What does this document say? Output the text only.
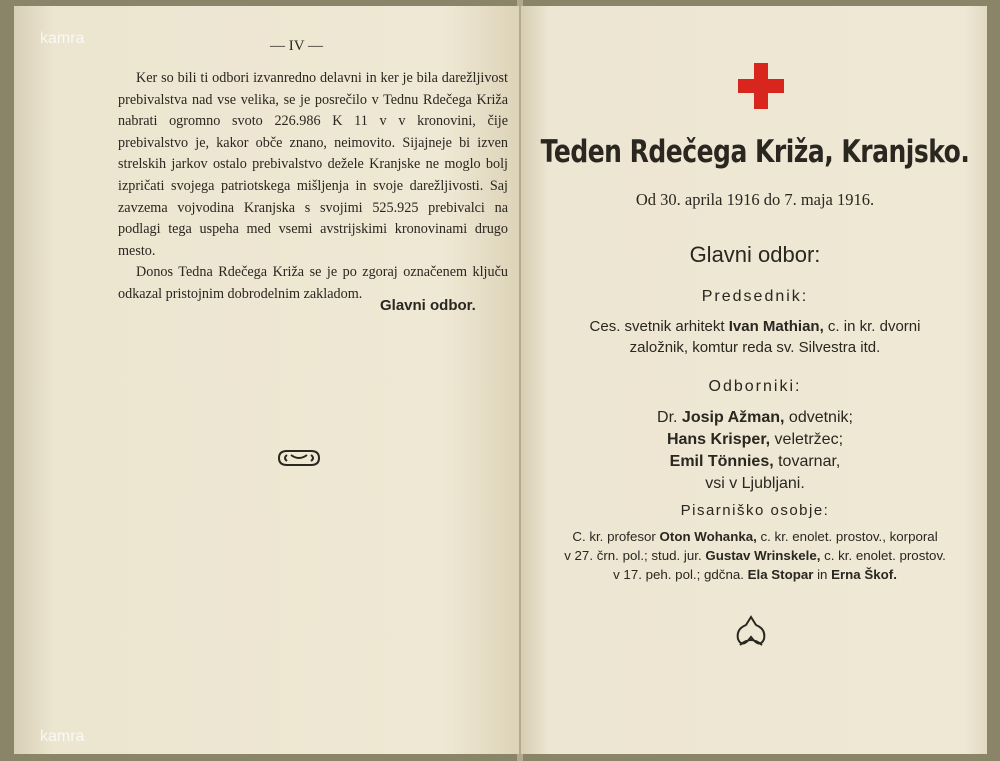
kamra
kamra
— IV —

Ker so bili ti odbori izvanredno delavni in ker je bila darežljivost prebivalstva nad vse velika, se je posrečilo v Tednu Rdečega Križa nabrati ogromno svoto 226.986 K 11 v v kronovini, čije prebivalstvo je, kakor obče znano, neimovito. Sijajneje bi izven strelskih jarkov ostalo prebivalstvo dežele Kranjske ne moglo bolj izpričati svojega patriotskega mišljenja in svoje darežljivosti. Saj zavzema vojvodina Kranjska s svojimi 525.925 prebivalci na podlagi tega uspeha med vsemi avstrijskimi kronovinami drugo mesto.

Donos Tedna Rdečega Križa se je po zgoraj označenem ključu odkazal pristojnim dobrodelnim zakladom.

Glavni odbor.
Teden Rdečega Križa, Kranjsko.
Od 30. aprila 1916 do 7. maja 1916.
Glavni odbor:
Predsednik:
Ces. svetnik arhitekt Ivan Mathian, c. in kr. dvorni
založnik, komtur reda sv. Silvestra itd.
Odborniki:
Dr. Josip Ažman, odvetnik;
Hans Krisper, veletržec;
Emil Tönnies, tovarnar,
vsi v Ljubljani.
Pisarniško osobje:
C. kr. profesor Oton Wohanka, c. kr. enolet. prostov., korporal
v 27. črn. pol.; stud. jur. Gustav Wrinskele, c. kr. enolet. prostov.
v 17. peh. pol.; gdčna. Ela Stopar in Erna Škof.
